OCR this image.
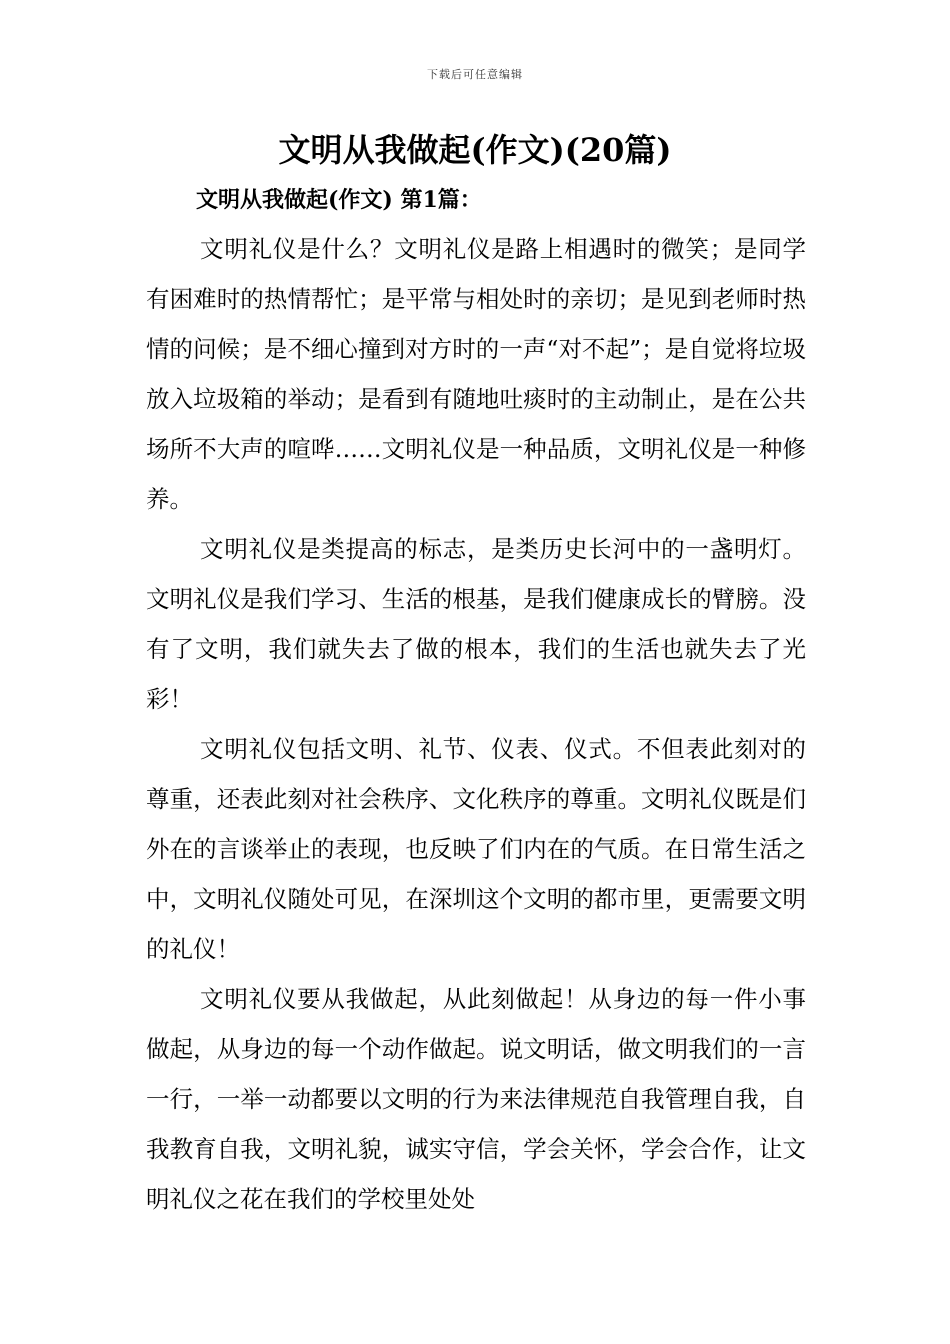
下载后可任意编辑
文明从我做起(作文)(20篇)
文明从我做起(作文) 第1篇：

文明礼仪是什么？文明礼仪是路上相遇时的微笑；是同学有困难时的热情帮忙；是平常与相处时的亲切；是见到老师时热情的问候；是不细心撞到对方时的一声“对不起”；是自觉将垃圾放入垃圾箱的举动；是看到有随地吐痰时的主动制止，是在公共场所不大声的喧哗……文明礼仪是一种品质，文明礼仪是一种修养。

文明礼仪是类提高的标志，是类历史长河中的一盏明灯。文明礼仪是我们学习、生活的根基，是我们健康成长的臂膀。没有了文明，我们就失去了做的根本，我们的生活也就失去了光彩！

文明礼仪包括文明、礼节、仪表、仪式。不但表此刻对的尊重，还表此刻对社会秩序、文化秩序的尊重。文明礼仪既是们外在的言谈举止的表现，也反映了们内在的气质。在日常生活之中，文明礼仪随处可见，在深圳这个文明的都市里，更需要文明的礼仪！

文明礼仪要从我做起，从此刻做起！从身边的每一件小事做起，从身边的每一个动作做起。说文明话，做文明我们的一言一行，一举一动都要以文明的行为来法律规范自我管理自我，自我教育自我，文明礼貌，诚实守信，学会关怀，学会合作，让文明礼仪之花在我们的学校里处处
